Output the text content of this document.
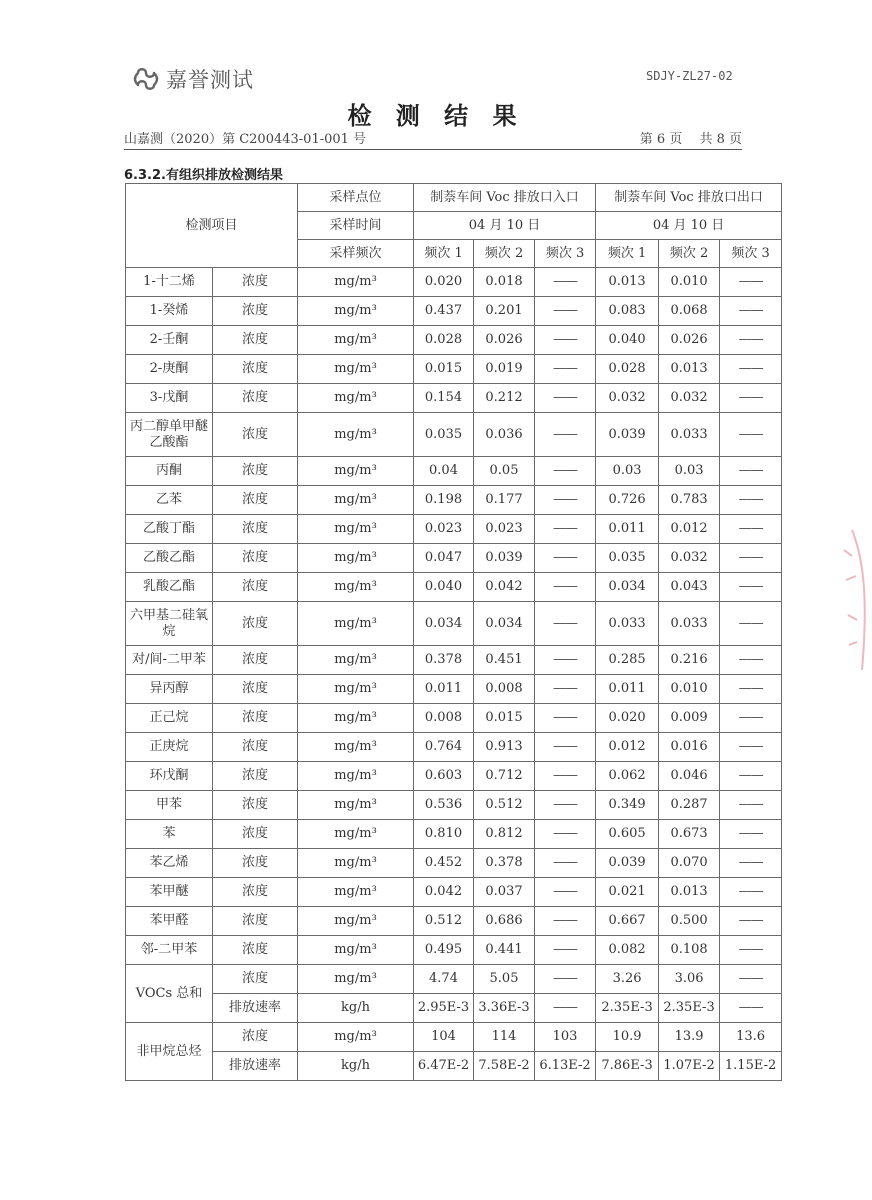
嘉誉测试	SDJY-ZL27-02
检 测 结 果
山嘉测（2020）第 C200443-01-001 号	第 6 页　 共 8 页
6.3.2.有组织排放检测结果
检测项目		采样点位	制萘车间 Voc 排放口入口			制萘车间 Voc 排放口出口		
		采样时间	04 月 10 日			04 月 10 日		
		采样频次	频次 1	频次 2	频次 3	频次 1	频次 2	频次 3
1-十二烯	浓度	mg/m³	0.020	0.018	——	0.013	0.010	——
1-癸烯	浓度	mg/m³	0.437	0.201	——	0.083	0.068	——
2-壬酮	浓度	mg/m³	0.028	0.026	——	0.040	0.026	——
2-庚酮	浓度	mg/m³	0.015	0.019	——	0.028	0.013	——
3-戊酮	浓度	mg/m³	0.154	0.212	——	0.032	0.032	——
丙二醇单甲醚乙酸酯	浓度	mg/m³	0.035	0.036	——	0.039	0.033	——
丙酮	浓度	mg/m³	0.04	0.05	——	0.03	0.03	——
乙苯	浓度	mg/m³	0.198	0.177	——	0.726	0.783	——
乙酸丁酯	浓度	mg/m³	0.023	0.023	——	0.011	0.012	——
乙酸乙酯	浓度	mg/m³	0.047	0.039	——	0.035	0.032	——
乳酸乙酯	浓度	mg/m³	0.040	0.042	——	0.034	0.043	——
六甲基二硅氧烷	浓度	mg/m³	0.034	0.034	——	0.033	0.033	——
对/间-二甲苯	浓度	mg/m³	0.378	0.451	——	0.285	0.216	——
异丙醇	浓度	mg/m³	0.011	0.008	——	0.011	0.010	——
正己烷	浓度	mg/m³	0.008	0.015	——	0.020	0.009	——
正庚烷	浓度	mg/m³	0.764	0.913	——	0.012	0.016	——
环戊酮	浓度	mg/m³	0.603	0.712	——	0.062	0.046	——
甲苯	浓度	mg/m³	0.536	0.512	——	0.349	0.287	——
苯	浓度	mg/m³	0.810	0.812	——	0.605	0.673	——
苯乙烯	浓度	mg/m³	0.452	0.378	——	0.039	0.070	——
苯甲醚	浓度	mg/m³	0.042	0.037	——	0.021	0.013	——
苯甲醛	浓度	mg/m³	0.512	0.686	——	0.667	0.500	——
邻-二甲苯	浓度	mg/m³	0.495	0.441	——	0.082	0.108	——
VOCs 总和	浓度	mg/m³	4.74	5.05	——	3.26	3.06	——
	排放速率	kg/h	2.95E-3	3.36E-3	——	2.35E-3	2.35E-3	——
非甲烷总烃	浓度	mg/m³	104	114	103	10.9	13.9	13.6
	排放速率	kg/h	6.47E-2	7.58E-2	6.13E-2	7.86E-3	1.07E-2	1.15E-2
